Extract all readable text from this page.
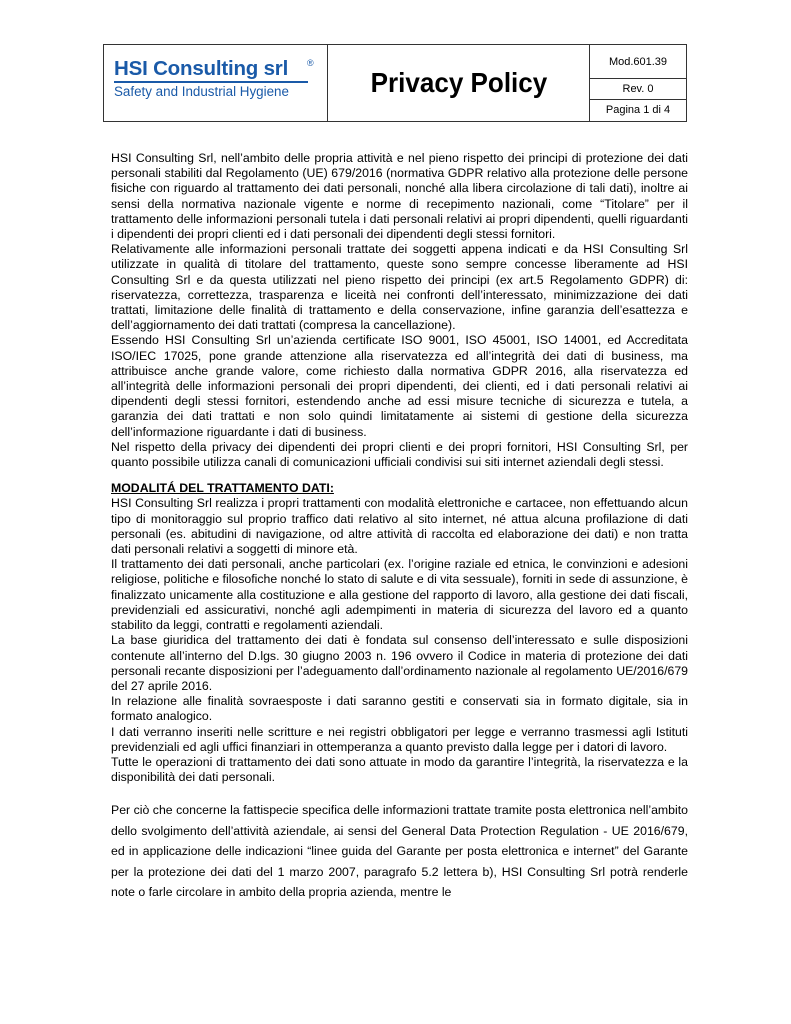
HSI Consulting srl ®
Safety and Industrial Hygiene	Privacy Policy
Mod.601.39
Rev. 0
Pagina 1 di 4

HSI Consulting Srl, nell’ambito delle propria attività e nel pieno rispetto dei principi di protezione dei dati personali stabiliti dal Regolamento (UE) 679/2016 (normativa GDPR relativo alla protezione delle persone fisiche con riguardo al trattamento dei dati personali, nonché alla libera circolazione di tali dati), inoltre ai sensi della normativa nazionale vigente e norme di recepimento nazionali, come “Titolare” per il trattamento delle informazioni personali tutela i dati personali relativi ai propri dipendenti, quelli riguardanti i dipendenti dei propri clienti ed i dati personali dei dipendenti degli stessi fornitori.

Relativamente alle informazioni personali trattate dei soggetti appena indicati e da HSI Consulting Srl utilizzate in qualità di titolare del trattamento, queste sono sempre concesse liberamente ad HSI Consulting Srl e da questa utilizzati nel pieno rispetto dei principi (ex art.5 Regolamento GDPR) di: riservatezza, correttezza, trasparenza e liceità nei confronti dell’interessato, minimizzazione dei dati trattati, limitazione delle finalità di trattamento e della conservazione, infine garanzia dell’esattezza e dell’aggiornamento dei dati trattati (compresa la cancellazione).

Essendo HSI Consulting Srl un’azienda certificate ISO 9001, ISO 45001, ISO 14001, ed Accreditata ISO/IEC 17025, pone grande attenzione alla riservatezza ed all’integrità dei dati di business, ma attribuisce anche grande valore, come richiesto dalla normativa GDPR 2016, alla riservatezza ed all’integrità delle informazioni personali dei propri dipendenti, dei clienti, ed i dati personali relativi ai dipendenti degli stessi fornitori, estendendo anche ad essi misure tecniche di sicurezza e tutela, a garanzia dei dati trattati e non solo quindi limitatamente ai sistemi di gestione della sicurezza dell’informazione riguardante i dati di business.

Nel rispetto della privacy dei dipendenti dei propri clienti e dei propri fornitori, HSI Consulting Srl, per quanto possibile utilizza canali di comunicazioni ufficiali condivisi sui siti internet aziendali degli stessi.

MODALITÁ DEL TRATTAMENTO DATI:

HSI Consulting Srl realizza i propri trattamenti con modalità elettroniche e cartacee, non effettuando alcun tipo di monitoraggio sul proprio traffico dati relativo al sito internet, né attua alcuna profilazione di dati personali (es. abitudini di navigazione, od altre attività di raccolta ed elaborazione dei dati) e non tratta dati personali relativi a soggetti di minore età.

Il trattamento dei dati personali, anche particolari (ex. l’origine raziale ed etnica, le convinzioni e adesioni religiose, politiche e filosofiche nonché lo stato di salute e di vita sessuale), forniti in sede di assunzione, è finalizzato unicamente alla costituzione e alla gestione del rapporto di lavoro, alla gestione dei dati fiscali, previdenziali ed assicurativi, nonché agli adempimenti in materia di sicurezza del lavoro ed a quanto stabilito da leggi, contratti e regolamenti aziendali.

La base giuridica del trattamento dei dati è fondata sul consenso dell’interessato e sulle disposizioni contenute all’interno del D.lgs. 30 giugno 2003 n. 196 ovvero il Codice in materia di protezione dei dati personali recante disposizioni per l’adeguamento dall’ordinamento nazionale al regolamento UE/2016/679 del 27 aprile 2016.

In relazione alle finalità sovraesposte i dati saranno gestiti e conservati sia in formato digitale, sia in formato analogico.

I dati verranno inseriti nelle scritture e nei registri obbligatori per legge e verranno trasmessi agli Istituti previdenziali ed agli uffici finanziari in ottemperanza a quanto previsto dalla legge per i datori di lavoro.

Tutte le operazioni di trattamento dei dati sono attuate in modo da garantire l’integrità, la riservatezza e la disponibilità dei dati personali.

Per ciò che concerne la fattispecie specifica delle informazioni trattate tramite posta elettronica nell’ambito dello svolgimento dell’attività aziendale, ai sensi del General Data Protection Regulation - UE 2016/679, ed in applicazione delle indicazioni “linee guida del Garante per posta elettronica e internet” del Garante per la protezione dei dati del 1 marzo 2007, paragrafo 5.2 lettera b), HSI Consulting Srl potrà renderle note o farle circolare in ambito della propria azienda, mentre le
